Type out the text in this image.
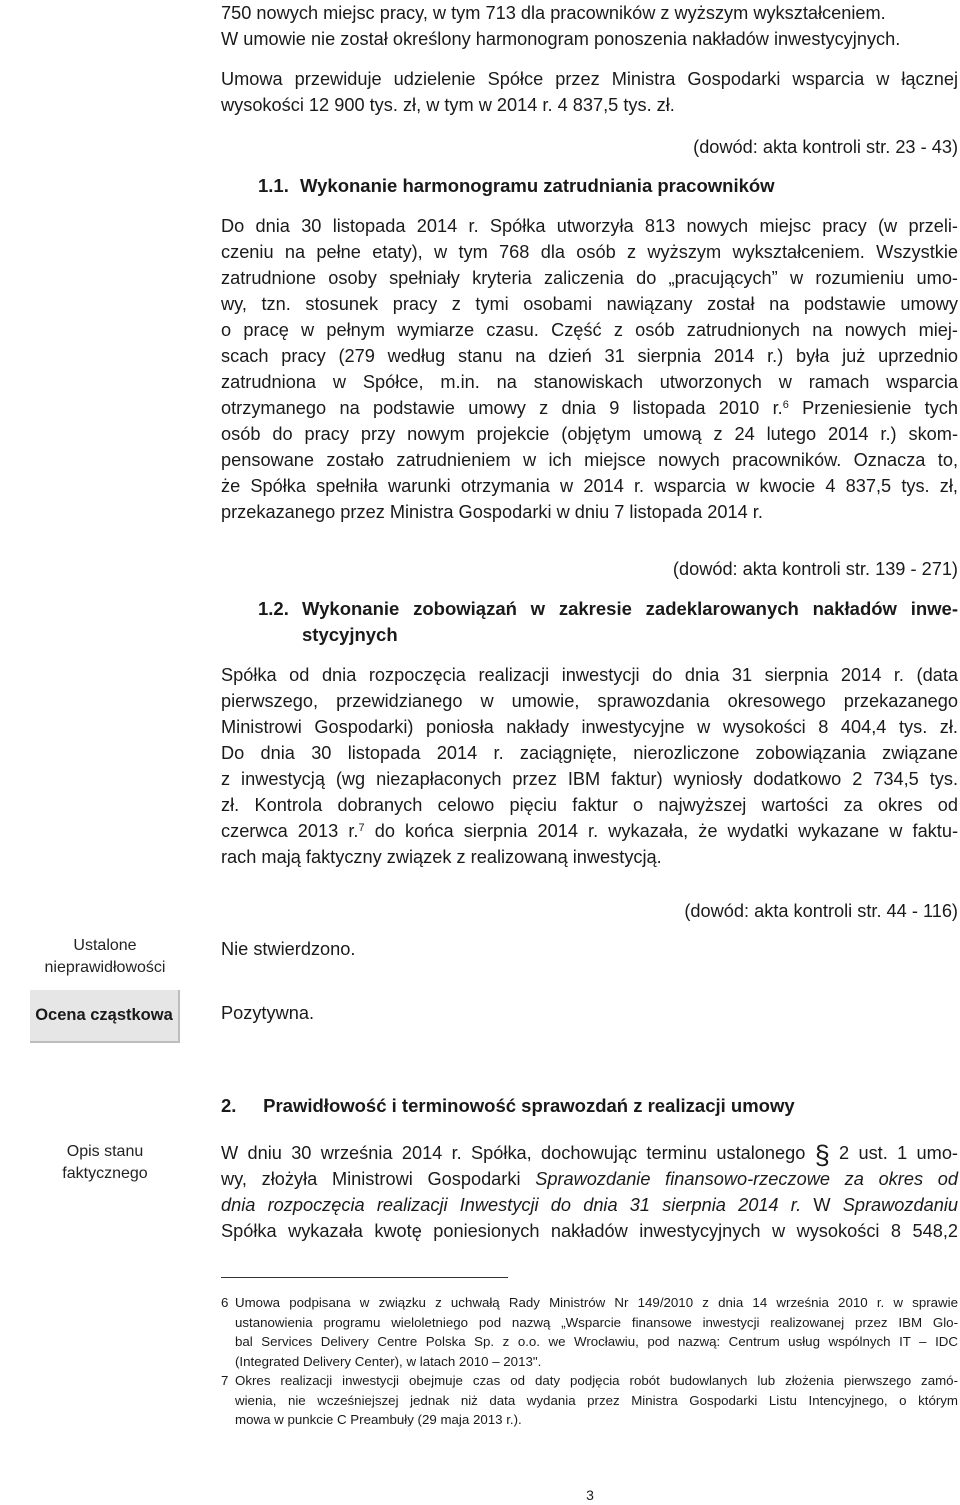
750 nowych miejsc pracy, w tym 713 dla pracowników z wyższym wykształceniem.
W umowie nie został określony harmonogram ponoszenia nakładów inwestycyjnych.
Umowa przewiduje udzielenie Spółce przez Ministra Gospodarki wsparcia w łącznej
wysokości 12 900 tys. zł, w tym w 2014 r. 4 837,5 tys. zł.
(dowód: akta kontroli str. 23 - 43)
1.1. Wykonanie harmonogramu zatrudniania pracowników
Do dnia 30 listopada 2014 r. Spółka utworzyła 813 nowych miejsc pracy (w przeli-
czeniu na pełne etaty), w tym 768 dla osób z wyższym wykształceniem. Wszystkie
zatrudnione osoby spełniały kryteria zaliczenia do „pracujących” w rozumieniu umo-
wy, tzn. stosunek pracy z tymi osobami nawiązany został na podstawie umowy
o pracę w pełnym wymiarze czasu. Część z osób zatrudnionych na nowych miej-
scach pracy (279 według stanu na dzień 31 sierpnia 2014 r.) była już uprzednio
zatrudniona w Spółce, m.in. na stanowiskach utworzonych w ramach wsparcia
otrzymanego na podstawie umowy z dnia 9 listopada 2010 r.$^6$ Przeniesienie tych
osób do pracy przy nowym projekcie (objętym umową z 24 lutego 2014 r.) skom-
pensowane zostało zatrudnieniem w ich miejsce nowych pracowników. Oznacza to,
że Spółka spełniła warunki otrzymania w 2014 r. wsparcia w kwocie 4 837,5 tys. zł,
przekazanego przez Ministra Gospodarki w dniu 7 listopada 2014 r.
(dowód: akta kontroli str. 139 - 271)
1.2. Wykonanie zobowiązań w zakresie zadeklarowanych nakładów inwe-
stycyjnych
Spółka od dnia rozpoczęcia realizacji inwestycji do dnia 31 sierpnia 2014 r. (data
pierwszego, przewidzianego w umowie, sprawozdania okresowego przekazanego
Ministrowi Gospodarki) poniosła nakłady inwestycyjne w wysokości 8 404,4 tys. zł.
Do dnia 30 listopada 2014 r. zaciągnięte, nierozliczone zobowiązania związane
z inwestycją (wg niezapłaconych przez IBM faktur) wyniosły dodatkowo 2 734,5 tys.
zł. Kontrola dobranych celowo pięciu faktur o najwyższej wartości za okres od
czerwca 2013 r.$^7$ do końca sierpnia 2014 r. wykazała, że wydatki wykazane w faktu-
rach mają faktyczny związek z realizowaną inwestycją.
(dowód: akta kontroli str. 44 - 116)
Ustalone
nieprawidłowości
Nie stwierdzono.
Ocena cząstkowa	Pozytywna.
2. Prawidłowość i terminowość sprawozdań z realizacji umowy
Opis stanu
faktycznego
W dniu 30 września 2014 r. Spółka, dochowując terminu ustalonego § 2 ust. 1 umo-
wy, złożyła Ministrowi Gospodarki Sprawozdanie finansowo-rzeczowe za okres od
dnia rozpoczęcia realizacji Inwestycji do dnia 31 sierpnia 2014 r. W Sprawozdaniu
Spółka wykazała kwotę poniesionych nakładów inwestycyjnych w wysokości 8 548,2
6 Umowa podpisana w związku z uchwałą Rady Ministrów Nr 149/2010 z dnia 14 września 2010 r. w sprawie
ustanowienia programu wieloletniego pod nazwą „Wsparcie finansowe inwestycji realizowanej przez IBM Glo-
bal Services Delivery Centre Polska Sp. z o.o. we Wrocławiu, pod nazwą: Centrum usług wspólnych IT – IDC
(Integrated Delivery Center), w latach 2010 – 2013".
7 Okres realizacji inwestycji obejmuje czas od daty podjęcia robót budowlanych lub złożenia pierwszego zamó-
wienia, nie wcześniejszej jednak niż data wydania przez Ministra Gospodarki Listu Intencyjnego, o którym
mowa w punkcie C Preambuły (29 maja 2013 r.).
3
